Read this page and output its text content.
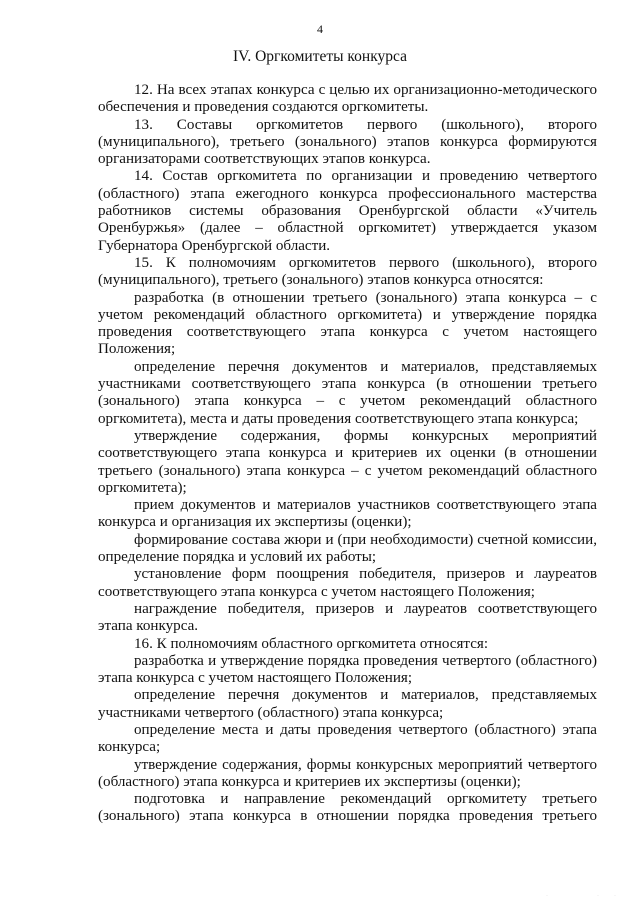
4
IV. Оргкомитеты конкурса

12. На всех этапах конкурса с целью их организационно-методического обеспечения и проведения создаются оргкомитеты.

13. Составы оргкомитетов первого (школьного), второго (муниципального), третьего (зонального) этапов конкурса формируются организаторами соответствующих этапов конкурса.

14. Состав оргкомитета по организации и проведению четвертого (областного) этапа ежегодного конкурса профессионального мастерства работников системы образования Оренбургской области «Учитель Оренбуржья» (далее – областной оргкомитет) утверждается указом Губернатора Оренбургской области.

15. К полномочиям оргкомитетов первого (школьного), второго (муниципального), третьего (зонального) этапов конкурса относятся:

разработка (в отношении третьего (зонального) этапа конкурса – с учетом рекомендаций областного оргкомитета) и утверждение порядка проведения соответствующего этапа конкурса с учетом настоящего Положения;

определение перечня документов и материалов, представляемых участниками соответствующего этапа конкурса (в отношении третьего (зонального) этапа конкурса – с учетом рекомендаций областного оргкомитета), места и даты проведения соответствующего этапа конкурса;

утверждение содержания, формы конкурсных мероприятий соответствующего этапа конкурса и критериев их оценки (в отношении третьего (зонального) этапа конкурса – с учетом рекомендаций областного оргкомитета);

прием документов и материалов участников соответствующего этапа конкурса и организация их экспертизы (оценки);

формирование состава жюри и (при необходимости) счетной комиссии, определение порядка и условий их работы;

установление форм поощрения победителя, призеров и лауреатов соответствующего этапа конкурса с учетом настоящего Положения;

награждение победителя, призеров и лауреатов соответствующего этапа конкурса.

16. К полномочиям областного оргкомитета относятся:

разработка и утверждение порядка проведения четвертого (областного) этапа конкурса с учетом настоящего Положения;

определение перечня документов и материалов, представляемых участниками четвертого (областного) этапа конкурса;

определение места и даты проведения четвертого (областного) этапа конкурса;

утверждение содержания, формы конкурсных мероприятий четвертого (областного) этапа конкурса и критериев их экспертизы (оценки);

подготовка и направление рекомендаций оргкомитету третьего (зонального) этапа конкурса в отношении порядка проведения третьего

·	·	·
